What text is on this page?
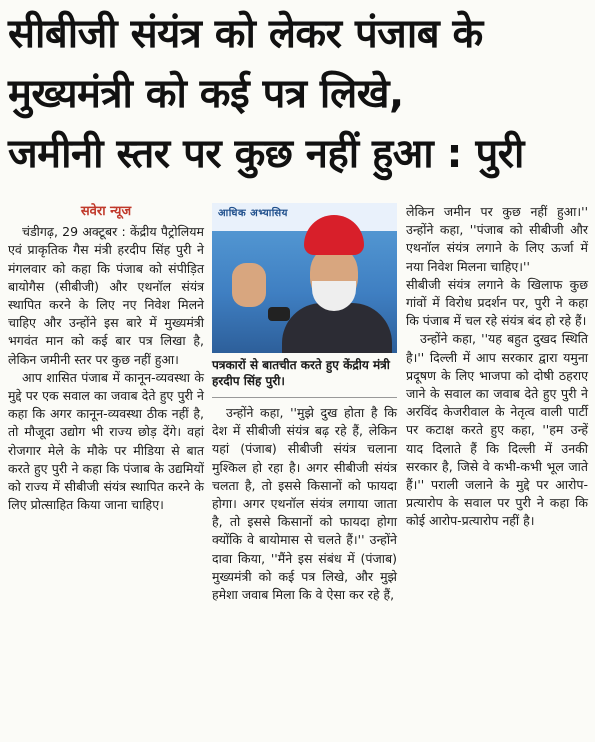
सीबीजी संयंत्र को लेकर पंजाब के
मुख्यमंत्री को कई पत्र लिखे,
जमीनी स्तर पर कुछ नहीं हुआ : पुरी

सवेरा न्यूज

चंडीगढ़, 29 अक्टूबर : केंद्रीय पैट्रोलियम एवं प्राकृतिक गैस मंत्री हरदीप सिंह पुरी ने मंगलवार को कहा कि पंजाब को संपीड़ित बायोगैस (सीबीजी) और एथनॉल संयंत्र स्थापित करने के लिए नए निवेश मिलने चाहिए और उन्होंने इस बारे में मुख्यमंत्री भगवंत मान को कई बार पत्र लिखा है, लेकिन जमीनी स्तर पर कुछ नहीं हुआ।

आप शासित पंजाब में कानून-व्यवस्था के मुद्दे पर एक सवाल का जवाब देते हुए पुरी ने कहा कि अगर कानून-व्यवस्था ठीक नहीं है, तो मौजूदा उद्योग भी राज्य छोड़ देंगे। वहां रोजगार मेले के मौके पर मीडिया से बात करते हुए पुरी ने कहा कि पंजाब के उद्यमियों को राज्य में सीबीजी संयंत्र स्थापित करने के लिए प्रोत्साहित किया जाना चाहिए।

आधिक अभ्यासिय

पत्रकारों से बातचीत करते हुए केंद्रीय मंत्री हरदीप सिंह पुरी।

उन्होंने कहा, ''मुझे दुख होता है कि देश में सीबीजी संयंत्र बढ़ रहे हैं, लेकिन यहां (पंजाब) सीबीजी संयंत्र चलाना मुश्किल हो रहा है। अगर सीबीजी संयंत्र चलता है, तो इससे किसानों को फायदा होगा। अगर एथनॉल संयंत्र लगाया जाता है, तो इससे किसानों को फायदा होगा क्योंकि वे बायोमास से चलते हैं।'' उन्होंने दावा किया, ''मैंने इस संबंध में (पंजाब) मुख्यमंत्री को कई पत्र लिखे, और मुझे हमेशा जवाब मिला कि वे ऐसा कर रहे हैं,

लेकिन जमीन पर कुछ नहीं हुआ।'' उन्होंने कहा, ''पंजाब को सीबीजी और एथनॉल संयंत्र लगाने के लिए ऊर्जा में नया निवेश मिलना चाहिए।''

सीबीजी संयंत्र लगाने के खिलाफ कुछ गांवों में विरोध प्रदर्शन पर, पुरी ने कहा कि पंजाब में चल रहे संयंत्र बंद हो रहे हैं।

उन्होंने कहा, ''यह बहुत दुखद स्थिति है।'' दिल्ली में आप सरकार द्वारा यमुना प्रदूषण के लिए भाजपा को दोषी ठहराए जाने के सवाल का जवाब देते हुए पुरी ने अरविंद केजरीवाल के नेतृत्व वाली पार्टी पर कटाक्ष करते हुए कहा, ''हम उन्हें याद दिलाते हैं कि दिल्ली में उनकी सरकार है, जिसे वे कभी-कभी भूल जाते हैं।'' पराली जलाने के मुद्दे पर आरोप-प्रत्यारोप के सवाल पर पुरी ने कहा कि कोई आरोप-प्रत्यारोप नहीं है।
